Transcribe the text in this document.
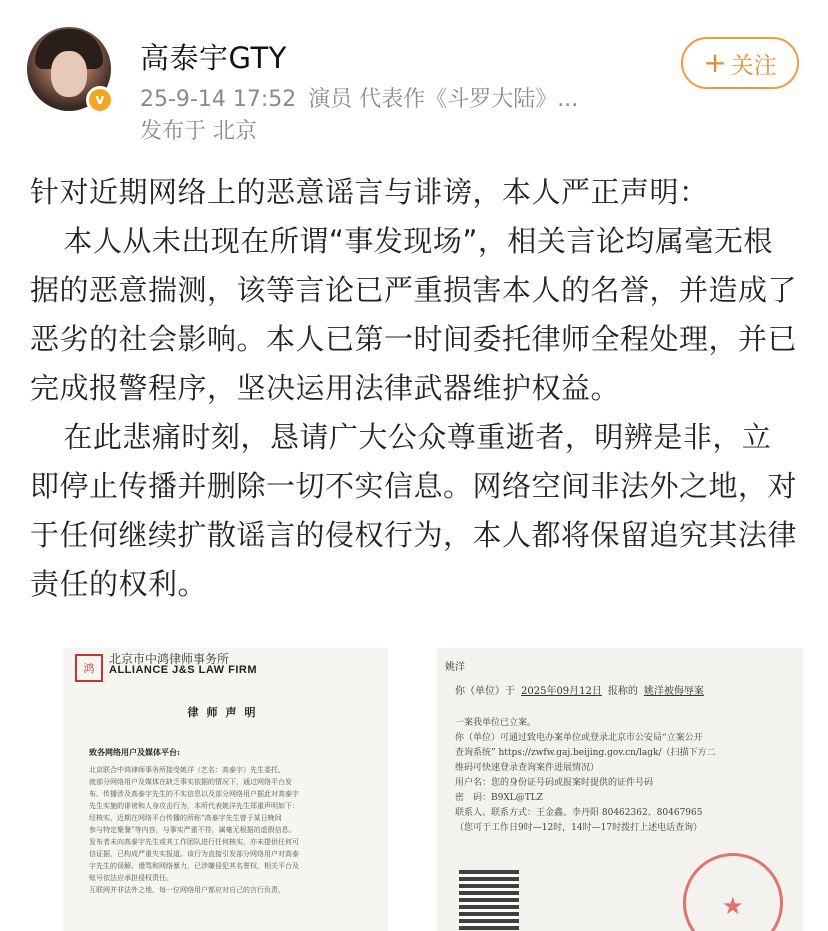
v
高泰宇GTY
25-9-14 17:52 演员 代表作《斗罗大陆》...
发布于 北京
+ 关注

针对近期网络上的恶意谣言与诽谤，本人严正声明：

本人从未出现在所谓“事发现场”，相关言论均属毫无根据的恶意揣测，该等言论已严重损害本人的名誉，并造成了恶劣的社会影响。本人已第一时间委托律师全程处理，并已完成报警程序，坚决运用法律武器维护权益。

在此悲痛时刻，恳请广大公众尊重逝者，明辨是非，立即停止传播并删除一切不实信息。网络空间非法外之地，对于任何继续扩散谣言的侵权行为，本人都将保留追究其法律责任的权利。

鸿
北京市中鸿律师事务所
ALLIANCE J&S LAW FIRM
律师声明
致各网络用户及媒体平台:
北京联合中鸿律师事务所接受姚洋（艺名：高泰宇）先生委托，
就部分网络用户及媒体在缺乏事实依据的情况下，通过网络平台发
布、传播涉及高泰宇先生的不实信息以及部分网络用户据此对高泰宇
先生实施的诽谤和人身攻击行为，本所代表姚洋先生郑重声明如下：
经核实，近期在网络平台传播的所称“高泰宇先生曾于某日晚间
参与特定聚餐”等内容，与事实严重不符，属毫无根据的虚假信息。
发布者未向高泰宇先生或其工作团队进行任何核实，亦未提供任何可
信证据，已构成严重失实报道。该行为直接引发部分网络用户对高泰
宇先生的误解、谩骂和网络暴力，已涉嫌侵犯其名誉权，相关平台及
账号依法应承担侵权责任。
互联网并非法外之地，每一位网络用户都应对自己的言行负责，
姚洋
你（单位）于 2025年09月12日 报称的 姚洋被侮辱案
一案我单位已立案。
你（单位）可通过致电办案单位或登录北京市公安局“立案公开
查询系统” https://zwfw.gaj.beijing.gov.cn/lagk/（扫描下方二
维码可快速登录查询案件进展情况）
用户名：您的身份证号码或报案时提供的证件号码
密　码：B9XL@TLZ
联系人、联系方式：王金鑫、李丹阳 80462362、80467965
（您可于工作日9时—12时，14时—17时拨打上述电话查询）
★
